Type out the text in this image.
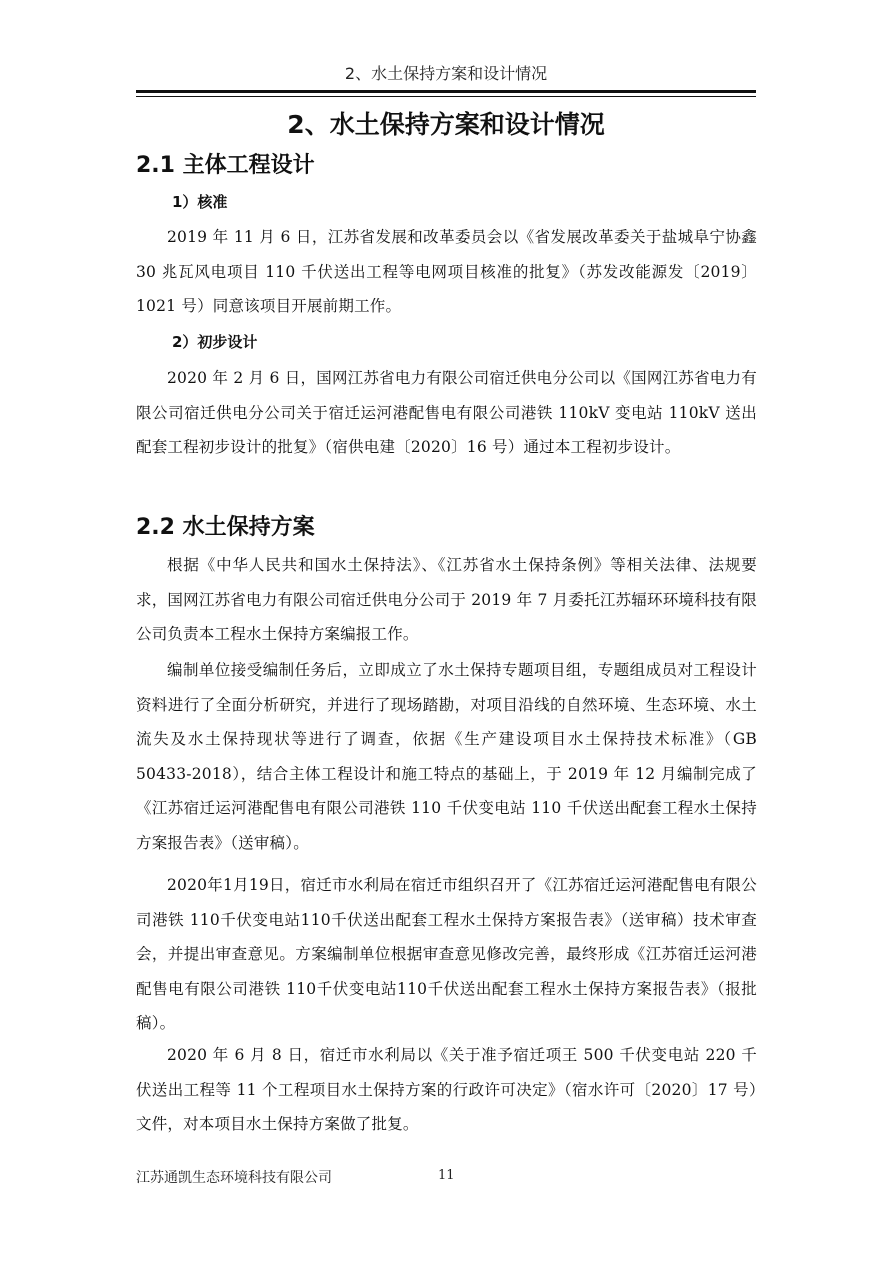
2、水土保持方案和设计情况
2、水土保持方案和设计情况
2.1 主体工程设计
1）核准

2019 年 11 月 6 日，江苏省发展和改革委员会以《省发展改革委关于盐城阜宁协鑫 30 兆瓦风电项目 110 千伏送出工程等电网项目核准的批复》（苏发改能源发〔2019〕1021 号）同意该项目开展前期工作。

2）初步设计

2020 年 2 月 6 日，国网江苏省电力有限公司宿迁供电分公司以《国网江苏省电力有限公司宿迁供电分公司关于宿迁运河港配售电有限公司港铁 110kV 变电站 110kV 送出配套工程初步设计的批复》（宿供电建〔2020〕16 号）通过本工程初步设计。

2.2 水土保持方案

根据《中华人民共和国水土保持法》、《江苏省水土保持条例》等相关法律、法规要求，国网江苏省电力有限公司宿迁供电分公司于 2019 年 7 月委托江苏辐环环境科技有限公司负责本工程水土保持方案编报工作。

编制单位接受编制任务后，立即成立了水土保持专题项目组，专题组成员对工程设计资料进行了全面分析研究，并进行了现场踏勘，对项目沿线的自然环境、生态环境、水土流失及水土保持现状等进行了调查，依据《生产建设项目水土保持技术标准》（GB 50433-2018），结合主体工程设计和施工特点的基础上，于 2019 年 12 月编制完成了《江苏宿迁运河港配售电有限公司港铁 110 千伏变电站 110 千伏送出配套工程水土保持方案报告表》（送审稿）。

2020年1月19日，宿迁市水利局在宿迁市组织召开了《江苏宿迁运河港配售电有限公司港铁 110千伏变电站110千伏送出配套工程水土保持方案报告表》（送审稿）技术审查会，并提出审查意见。方案编制单位根据审查意见修改完善，最终形成《江苏宿迁运河港配售电有限公司港铁 110千伏变电站110千伏送出配套工程水土保持方案报告表》（报批稿）。

2020 年 6 月 8 日，宿迁市水利局以《关于准予宿迁项王 500 千伏变电站 220 千伏送出工程等 11 个工程项目水土保持方案的行政许可决定》（宿水许可〔2020〕17 号）文件，对本项目水土保持方案做了批复。

江苏通凯生态环境科技有限公司	11
